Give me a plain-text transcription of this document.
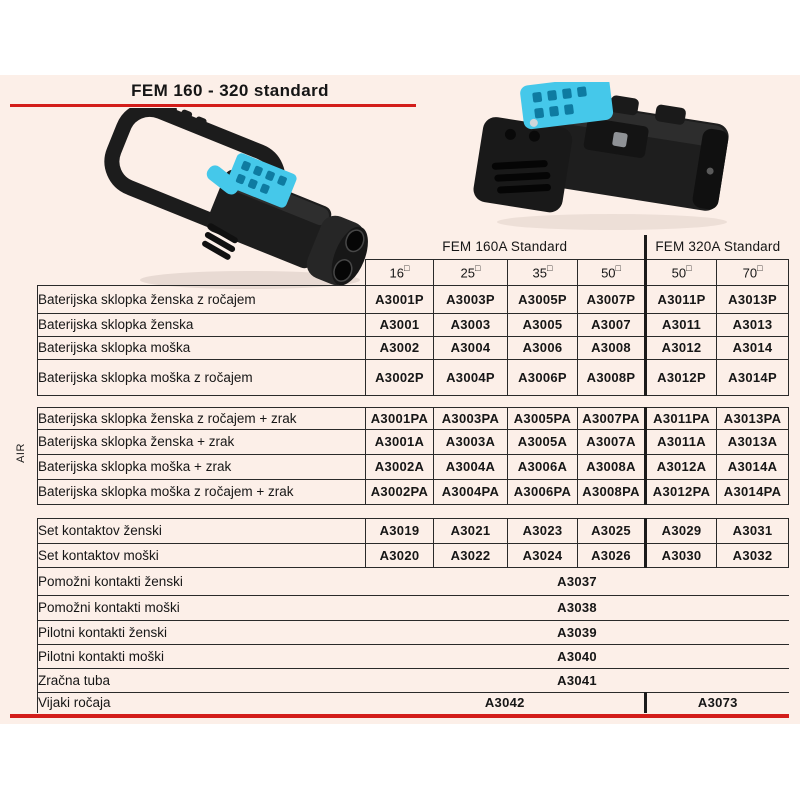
FEM 160 - 320 standard
AIR
	FEM 160A Standard				FEM 320A Standard	
	16□	25□	35□	50□	50□	70□
Baterijska sklopka ženska z ročajem	A3001P	A3003P	A3005P	A3007P	A3011P	A3013P
Baterijska sklopka ženska	A3001	A3003	A3005	A3007	A3011	A3013
Baterijska sklopka moška	A3002	A3004	A3006	A3008	A3012	A3014
Baterijska sklopka moška z ročajem	A3002P	A3004P	A3006P	A3008P	A3012P	A3014P

Baterijska sklopka ženska z ročajem + zrak	A3001PA	A3003PA	A3005PA	A3007PA	A3011PA	A3013PA
Baterijska sklopka ženska + zrak	A3001A	A3003A	A3005A	A3007A	A3011A	A3013A
Baterijska sklopka moška + zrak	A3002A	A3004A	A3006A	A3008A	A3012A	A3014A
Baterijska sklopka moška z ročajem + zrak	A3002PA	A3004PA	A3006PA	A3008PA	A3012PA	A3014PA

Set kontaktov ženski	A3019	A3021	A3023	A3025	A3029	A3031
Set kontaktov moški	A3020	A3022	A3024	A3026	A3030	A3032
Pomožni kontakti ženski	A3037					
Pomožni kontakti moški	A3038					
Pilotni kontakti ženski	A3039					
Pilotni kontakti moški	A3040					
Zračna tuba	A3041					
Vijaki ročaja	A3042				A3073	
